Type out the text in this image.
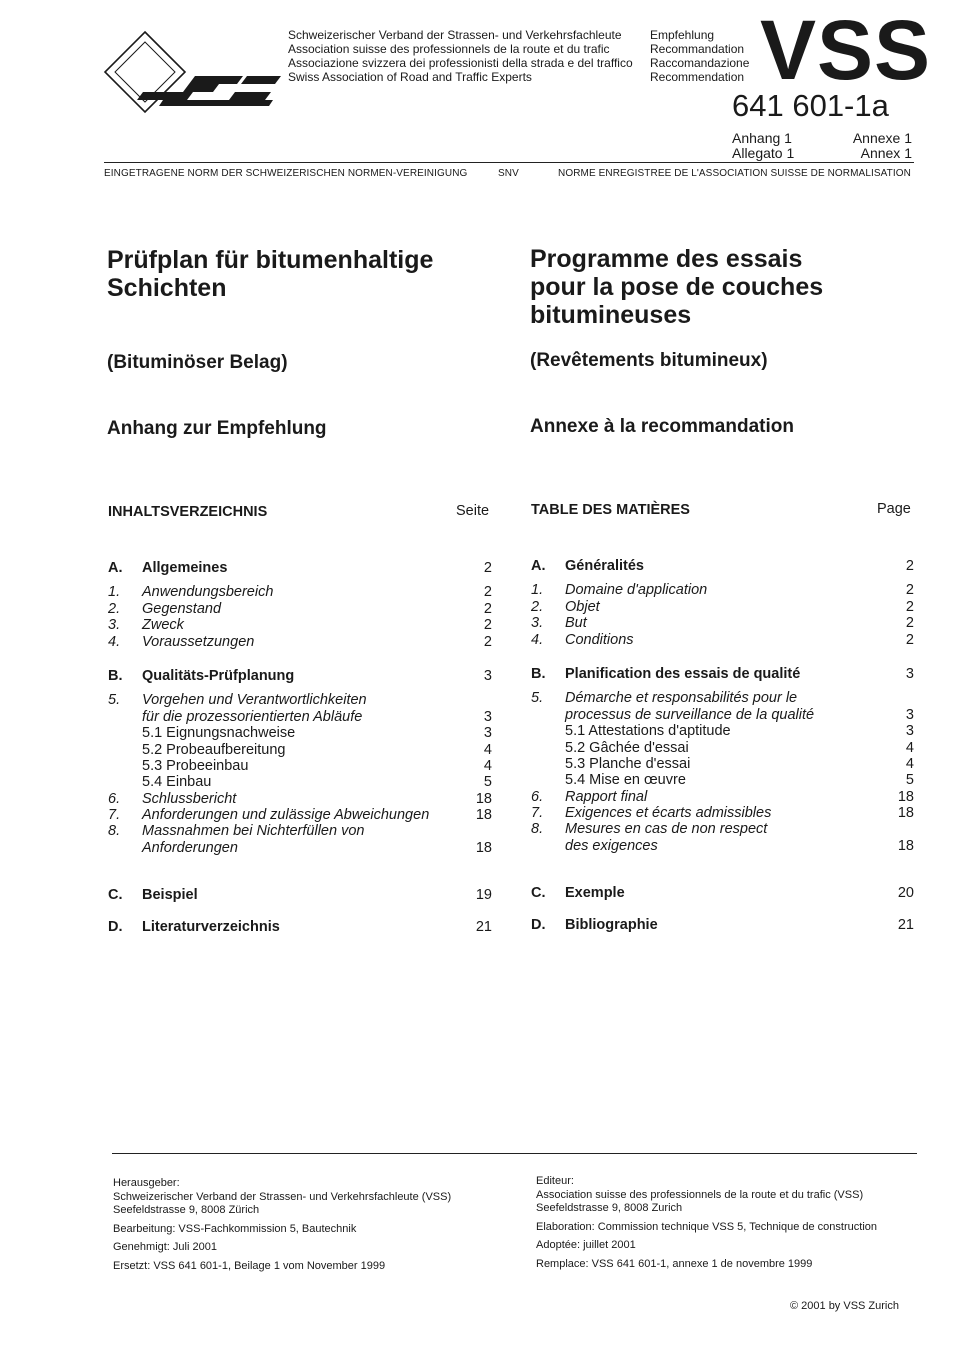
Schweizerischer Verband der Strassen- und Verkehrsfachleute
Association suisse des professionnels de la route et du trafic
Associazione svizzera dei professionisti della strada e del traffico
Swiss Association of Road and Traffic Experts
Empfehlung
Recommandation
Raccomandazione
Recommendation VSS
641 601-1a
Anhang 1	Annexe 1
Allegato 1	Annex 1
EINGETRAGENE NORM DER SCHWEIZERISCHEN NORMEN-VEREINIGUNG	SNV	NORME ENREGISTREE DE L'ASSOCIATION SUISSE DE NORMALISATION
Prüfplan für bitumenhaltige
Schichten
Programme des essais
pour la pose de couches
bitumineuses
(Bituminöser Belag)	(Revêtements bitumineux)
Anhang zur Empfehlung	Annexe à la recommandation
INHALTSVERZEICHNIS	Seite	TABLE DES MATIÈRES	Page
A. Allgemeines	2
1. Anwendungsbereich	2
2. Gegenstand	2
3. Zweck	2
4. Voraussetzungen	2
B. Qualitäts-Prüfplanung	3
5. Vorgehen und Verantwortlichkeiten
für die prozessorientierten Abläufe	3
5.1 Eignungsnachweise	3
5.2 Probeaufbereitung	4
5.3 Probeeinbau	4
5.4 Einbau	5
6. Schlussbericht	18
7. Anforderungen und zulässige Abweichungen	18
8. Massnahmen bei Nichterfüllen von
Anforderungen	18
A. Généralités	2
1. Domaine d'application	2
2. Objet	2
3. But	2
4. Conditions	2
B. Planification des essais de qualité	3
5. Démarche et responsabilités pour le
processus de surveillance de la qualité	3
5.1 Attestations d'aptitude	3
5.2 Gâchée d'essai	4
5.3 Planche d'essai	4
5.4 Mise en œuvre	5
6. Rapport final	18
7. Exigences et écarts admissibles	18
8. Mesures en cas de non respect
des exigences	18
C. Beispiel	19
D. Literaturverzeichnis	21
C. Exemple	20
D. Bibliographie	21

Herausgeber:

Schweizerischer Verband der Strassen- und Verkehrsfachleute (VSS)

Seefeldstrasse 9, 8008 Zürich

Bearbeitung: VSS-Fachkommission 5, Bautechnik

Genehmigt: Juli 2001

Ersetzt: VSS 641 601-1, Beilage 1 vom November 1999

Editeur:

Association suisse des professionnels de la route et du trafic (VSS)

Seefeldstrasse 9, 8008 Zurich

Elaboration: Commission technique VSS 5, Technique de construction

Adoptée: juillet 2001

Remplace: VSS 641 601-1, annexe 1 de novembre 1999

© 2001 by VSS Zurich
